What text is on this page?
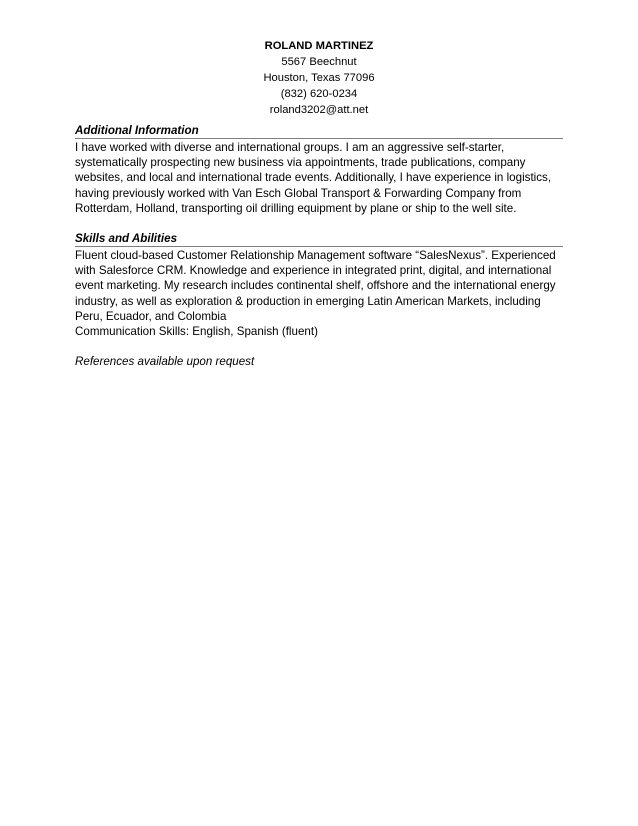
ROLAND MARTINEZ
5567 Beechnut
Houston, Texas 77096
(832) 620-0234
roland3202@att.net
Additional Information

I have worked with diverse and international groups. I am an aggressive self-starter, systematically prospecting new business via appointments, trade publications, company websites, and local and international trade events. Additionally, I have experience in logistics, having previously worked with Van Esch Global Transport & Forwarding Company from Rotterdam, Holland, transporting oil drilling equipment by plane or ship to the well site.

Skills and Abilities

Fluent cloud-based Customer Relationship Management software “SalesNexus”. Experienced with Salesforce CRM. Knowledge and experience in integrated print, digital, and international event marketing. My research includes continental shelf, offshore and the international energy industry, as well as exploration & production in emerging Latin American Markets, including Peru, Ecuador, and Colombia

Communication Skills: English, Spanish (fluent)

References available upon request
